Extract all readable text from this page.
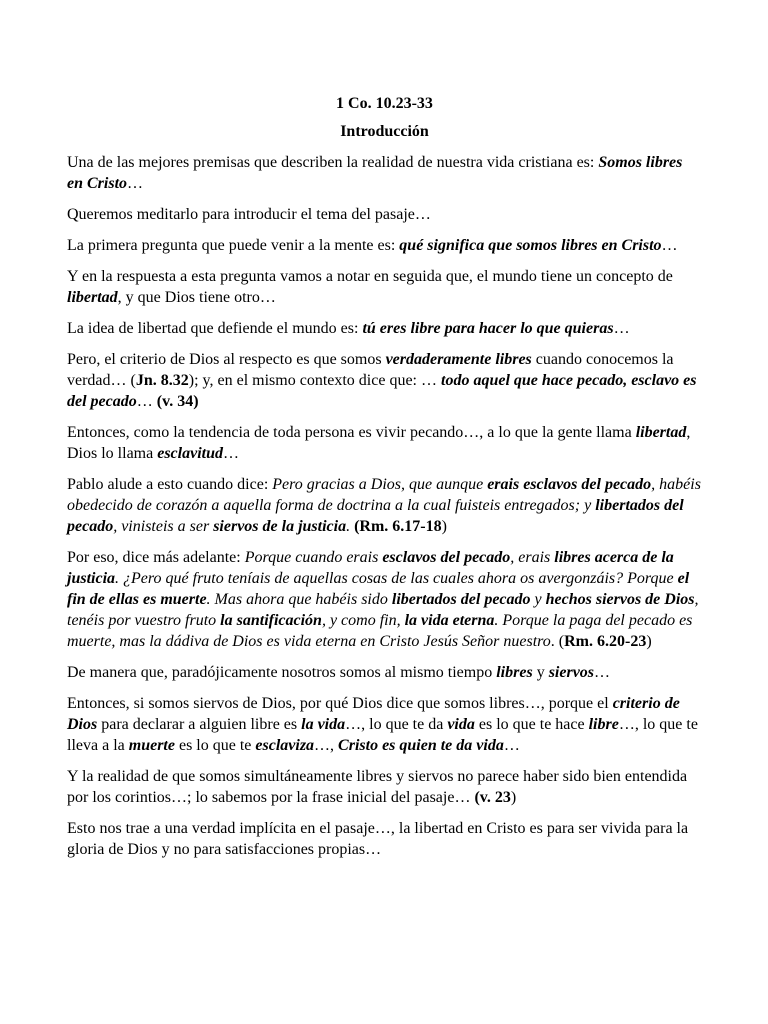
1 Co. 10.23-33
Introducción

Una de las mejores premisas que describen la realidad de nuestra vida cristiana es: Somos libres en Cristo…

Queremos meditarlo para introducir el tema del pasaje…

La primera pregunta que puede venir a la mente es: qué significa que somos libres en Cristo…

Y en la respuesta a esta pregunta vamos a notar en seguida que, el mundo tiene un concepto de libertad, y que Dios tiene otro…

La idea de libertad que defiende el mundo es: tú eres libre para hacer lo que quieras…

Pero, el criterio de Dios al respecto es que somos verdaderamente libres cuando conocemos la verdad… (Jn. 8.32); y, en el mismo contexto dice que: … todo aquel que hace pecado, esclavo es del pecado… (v. 34)

Entonces, como la tendencia de toda persona es vivir pecando…, a lo que la gente llama libertad, Dios lo llama esclavitud…

Pablo alude a esto cuando dice: Pero gracias a Dios, que aunque erais esclavos del pecado, habéis obedecido de corazón a aquella forma de doctrina a la cual fuisteis entregados; y libertados del pecado, vinisteis a ser siervos de la justicia. (Rm. 6.17-18)

Por eso, dice más adelante: Porque cuando erais esclavos del pecado, erais libres acerca de la justicia. ¿Pero qué fruto teníais de aquellas cosas de las cuales ahora os avergonzáis? Porque el fin de ellas es muerte. Mas ahora que habéis sido libertados del pecado y hechos siervos de Dios, tenéis por vuestro fruto la santificación, y como fin, la vida eterna. Porque la paga del pecado es muerte, mas la dádiva de Dios es vida eterna en Cristo Jesús Señor nuestro. (Rm. 6.20-23)

De manera que, paradójicamente nosotros somos al mismo tiempo libres y siervos…

Entonces, si somos siervos de Dios, por qué Dios dice que somos libres…, porque el criterio de Dios para declarar a alguien libre es la vida…, lo que te da vida es lo que te hace libre…, lo que te lleva a la muerte es lo que te esclaviza…, Cristo es quien te da vida…

Y la realidad de que somos simultáneamente libres y siervos no parece haber sido bien entendida por los corintios…; lo sabemos por la frase inicial del pasaje… (v. 23)

Esto nos trae a una verdad implícita en el pasaje…, la libertad en Cristo es para ser vivida para la gloria de Dios y no para satisfacciones propias…
